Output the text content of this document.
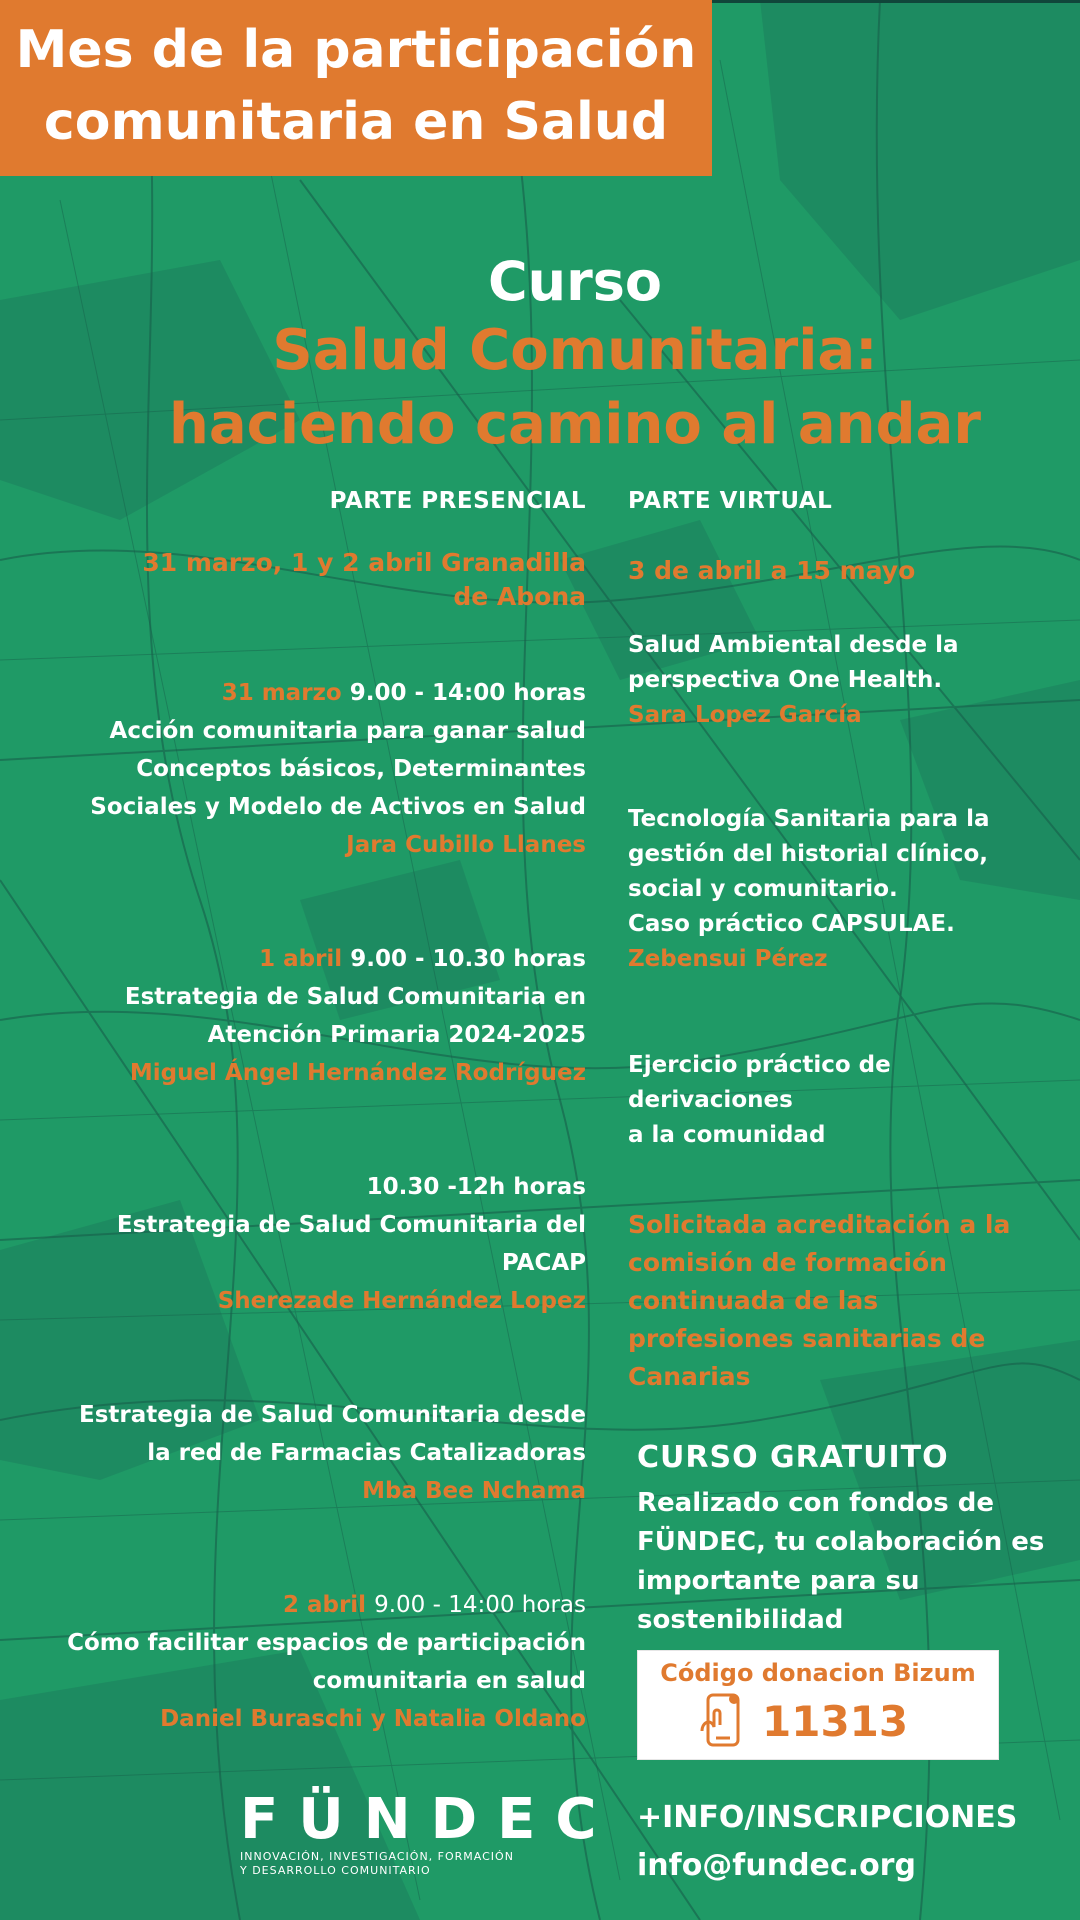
Mes de la participación
comunitaria en Salud
Curso
Salud Comunitaria:
haciendo camino al andar
PARTE PRESENCIAL
31 marzo, 1 y 2 abril Granadilla de Abona
31 marzo 9.00 - 14:00 horas
Acción comunitaria para ganar salud
Conceptos básicos, Determinantes
Sociales y Modelo de Activos en Salud
Jara Cubillo Llanes
1 abril 9.00 - 10.30 horas
Estrategia de Salud Comunitaria en
Atención Primaria 2024-2025
Miguel Ángel Hernández Rodríguez
10.30 -12h horas
Estrategia de Salud Comunitaria del
PACAP
Sherezade Hernández Lopez
Estrategia de Salud Comunitaria desde
la red de Farmacias Catalizadoras
Mba Bee Nchama
2 abril 9.00 - 14:00 horas
Cómo facilitar espacios de participación
comunitaria en salud
Daniel Buraschi y Natalia Oldano
PARTE VIRTUAL
3 de abril a 15 mayo
Salud Ambiental desde la
perspectiva One Health.
Sara Lopez García
Tecnología Sanitaria para la
gestión del historial clínico,
social y comunitario.
Caso práctico CAPSULAE.
Zebensui Pérez
Ejercicio práctico de derivaciones
a la comunidad
Solicitada acreditación a la
comisión de formación
continuada de las
profesiones sanitarias de
Canarias
CURSO GRATUITO
Realizado con fondos de
FÜNDEC, tu colaboración es
importante para su
sostenibilidad
Código donacion Bizum
11313
FÜNDEC
INNOVACIÓN, INVESTIGACIÓN, FORMACIÓN
Y DESARROLLO COMUNITARIO
+INFO/INSCRIPCIONES
info@fundec.org
